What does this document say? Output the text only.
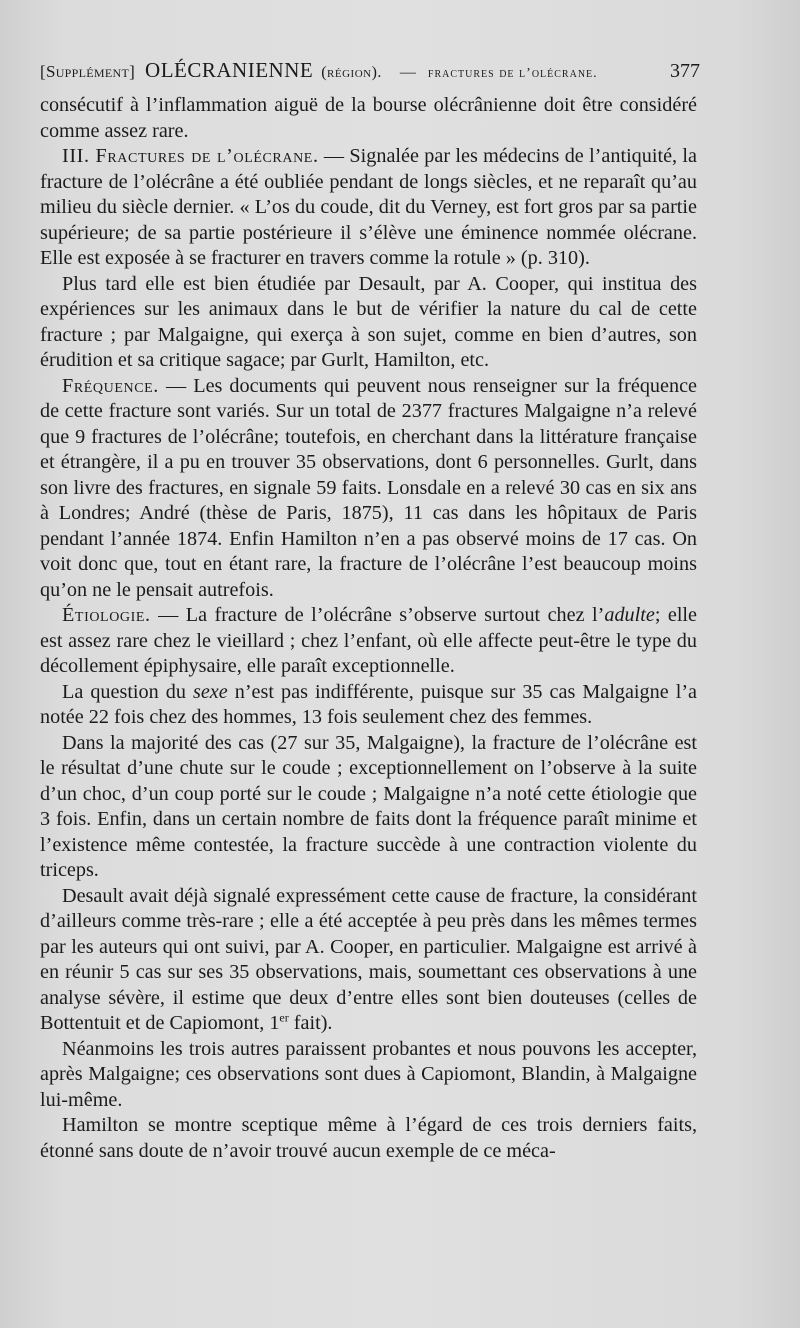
[Supplément] OLÉCRANIENNE (région). — fractures de l’olécrane.	377

consécutif à l’inflammation aiguë de la bourse olécrânienne doit être considéré comme assez rare.

III. Fractures de l’olécrane. — Signalée par les médecins de l’antiquité, la fracture de l’olécrâne a été oubliée pendant de longs siècles, et ne reparaît qu’au milieu du siècle dernier. « L’os du coude, dit du Verney, est fort gros par sa partie supérieure; de sa partie postérieure il s’élève une éminence nommée olécrane. Elle est exposée à se fracturer en travers comme la rotule » (p. 310).

Plus tard elle est bien étudiée par Desault, par A. Cooper, qui institua des expériences sur les animaux dans le but de vérifier la nature du cal de cette fracture ; par Malgaigne, qui exerça à son sujet, comme en bien d’autres, son érudition et sa critique sagace; par Gurlt, Hamilton, etc.

Fréquence. — Les documents qui peuvent nous renseigner sur la fréquence de cette fracture sont variés. Sur un total de 2377 fractures Malgaigne n’a relevé que 9 fractures de l’olécrâne; toutefois, en cherchant dans la littérature française et étrangère, il a pu en trouver 35 observations, dont 6 personnelles. Gurlt, dans son livre des fractures, en signale 59 faits. Lonsdale en a relevé 30 cas en six ans à Londres; André (thèse de Paris, 1875), 11 cas dans les hôpitaux de Paris pendant l’année 1874. Enfin Hamilton n’en a pas observé moins de 17 cas. On voit donc que, tout en étant rare, la fracture de l’olécrâne l’est beaucoup moins qu’on ne le pensait autrefois.

Étiologie. — La fracture de l’olécrâne s’observe surtout chez l’adulte; elle est assez rare chez le vieillard ; chez l’enfant, où elle affecte peut-être le type du décollement épiphysaire, elle paraît exceptionnelle.

La question du sexe n’est pas indifférente, puisque sur 35 cas Malgaigne l’a notée 22 fois chez des hommes, 13 fois seulement chez des femmes.

Dans la majorité des cas (27 sur 35, Malgaigne), la fracture de l’olécrâne est le résultat d’une chute sur le coude ; exceptionnellement on l’observe à la suite d’un choc, d’un coup porté sur le coude ; Malgaigne n’a noté cette étiologie que 3 fois. Enfin, dans un certain nombre de faits dont la fréquence paraît minime et l’existence même contestée, la fracture succède à une contraction violente du triceps.

Desault avait déjà signalé expressément cette cause de fracture, la considérant d’ailleurs comme très-rare ; elle a été acceptée à peu près dans les mêmes termes par les auteurs qui ont suivi, par A. Cooper, en particulier. Malgaigne est arrivé à en réunir 5 cas sur ses 35 observations, mais, soumettant ces observations à une analyse sévère, il estime que deux d’entre elles sont bien douteuses (celles de Bottentuit et de Capiomont, 1er fait).

Néanmoins les trois autres paraissent probantes et nous pouvons les accepter, après Malgaigne; ces observations sont dues à Capiomont, Blandin, à Malgaigne lui-même.

Hamilton se montre sceptique même à l’égard de ces trois derniers faits, étonné sans doute de n’avoir trouvé aucun exemple de ce méca-
